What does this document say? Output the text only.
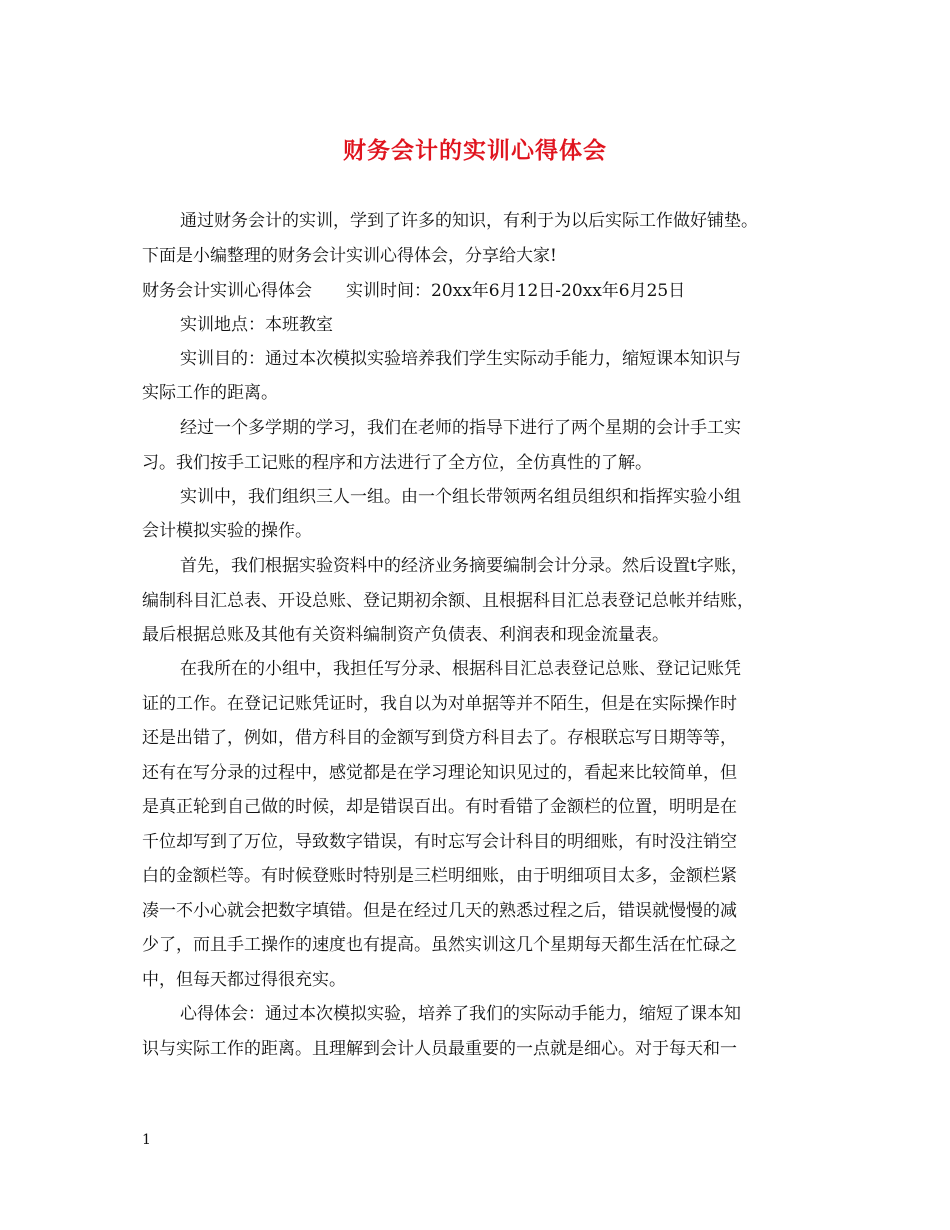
财务会计的实训心得体会
通过财务会计的实训，学到了许多的知识，有利于为以后实际工作做好铺垫。
下面是小编整理的财务会计实训心得体会，分享给大家!
财务会计实训心得体会　　实训时间：20xx年6月12日-20xx年6月25日
实训地点：本班教室
实训目的：通过本次模拟实验培养我们学生实际动手能力，缩短课本知识与
实际工作的距离。
经过一个多学期的学习，我们在老师的指导下进行了两个星期的会计手工实
习。我们按手工记账的程序和方法进行了全方位，全仿真性的了解。
实训中，我们组织三人一组。由一个组长带领两名组员组织和指挥实验小组
会计模拟实验的操作。
首先，我们根据实验资料中的经济业务摘要编制会计分录。然后设置t字账，
编制科目汇总表、开设总账、登记期初余额、且根据科目汇总表登记总帐并结账，
最后根据总账及其他有关资料编制资产负债表、利润表和现金流量表。
在我所在的小组中，我担任写分录、根据科目汇总表登记总账、登记记账凭
证的工作。在登记记账凭证时，我自以为对单据等并不陌生，但是在实际操作时
还是出错了，例如，借方科目的金额写到贷方科目去了。存根联忘写日期等等，
还有在写分录的过程中，感觉都是在学习理论知识见过的，看起来比较简单，但
是真正轮到自己做的时候，却是错误百出。有时看错了金额栏的位置，明明是在
千位却写到了万位，导致数字错误，有时忘写会计科目的明细账，有时没注销空
白的金额栏等。有时候登账时特别是三栏明细账，由于明细项目太多，金额栏紧
凑一不小心就会把数字填错。但是在经过几天的熟悉过程之后，错误就慢慢的减
少了，而且手工操作的速度也有提高。虽然实训这几个星期每天都生活在忙碌之
中，但每天都过得很充实。
心得体会：通过本次模拟实验，培养了我们的实际动手能力，缩短了课本知
识与实际工作的距离。且理解到会计人员最重要的一点就是细心。对于每天和一
1
